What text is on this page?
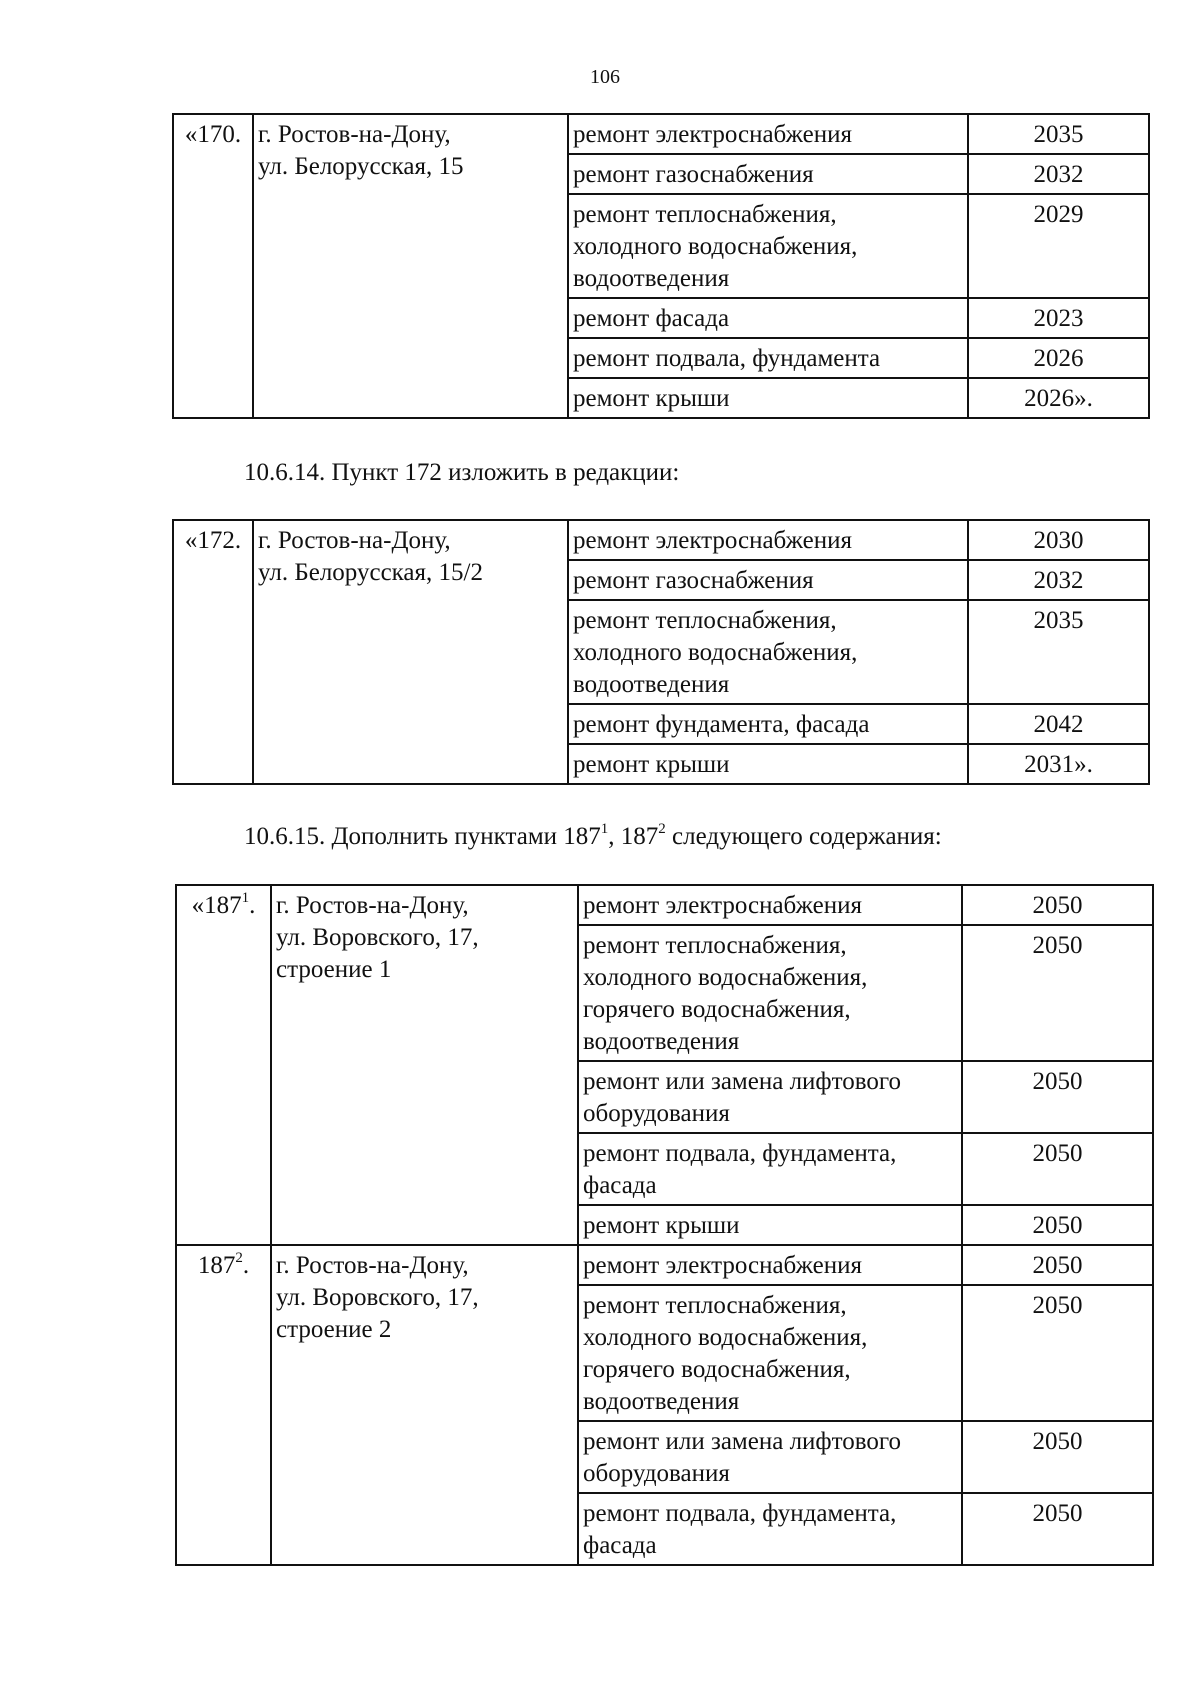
106
«170.	г. Ростов-на-Дону,
ул. Белорусская, 15	ремонт электроснабжения	2035

		ремонт газоснабжения	2032

		ремонт теплоснабжения,
холодного водоснабжения,
водоотведения	2029

		ремонт фасада	2023

		ремонт подвала, фундамента	2026

		ремонт крыши	2026».
10.6.14. Пункт 172 изложить в редакции:
«172.	г. Ростов-на-Дону,
ул. Белорусская, 15/2	ремонт электроснабжения	2030

		ремонт газоснабжения	2032

		ремонт теплоснабжения,
холодного водоснабжения,
водоотведения	2035

		ремонт фундамента, фасада	2042

		ремонт крыши	2031».
10.6.15. Дополнить пунктами $187^1$, $187^2$ следующего содержания:
«$187^1$.	г. Ростов-на-Дону,
ул. Воровского, 17,
строение 1	ремонт электроснабжения	2050

		ремонт теплоснабжения,
холодного водоснабжения,
горячего водоснабжения,
водоотведения	2050

		ремонт или замена лифтового
оборудования	2050

		ремонт подвала, фундамента,
фасада	2050

		ремонт крыши	2050
$187^2$.	г. Ростов-на-Дону,
ул. Воровского, 17,
строение 2	ремонт электроснабжения	2050

		ремонт теплоснабжения,
холодного водоснабжения,
горячего водоснабжения,
водоотведения	2050

		ремонт или замена лифтового
оборудования	2050

		ремонт подвала, фундамента,
фасада	2050
